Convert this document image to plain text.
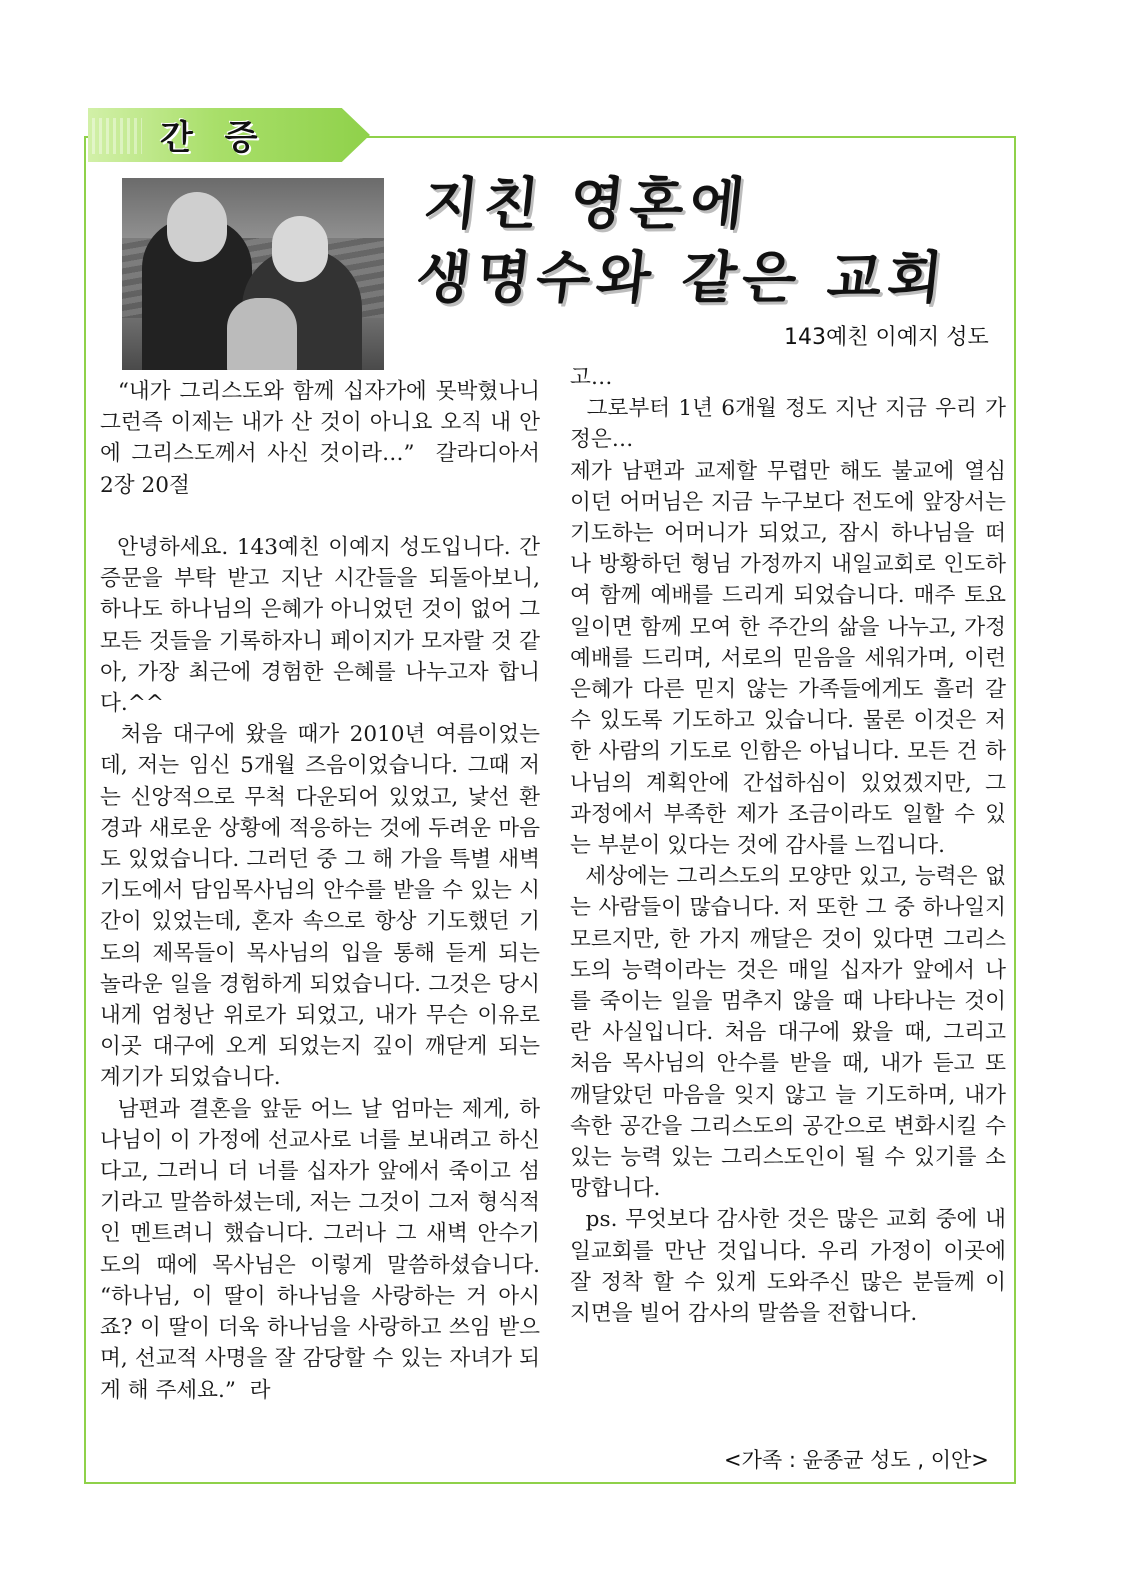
간 증
지친 영혼에
생명수와 같은 교회
143예친 이예지 성도
“내가 그리스도와 함께 십자가에 못박혔나니 그런즉 이제는 내가 산 것이 아니요 오직 내 안에 그리스도께서 사신 것이라…”  갈라디아서 2장 20절

안녕하세요. 143예친 이예지 성도입니다. 간증문을 부탁 받고 지난 시간들을 되돌아보니, 하나도 하나님의 은혜가 아니었던 것이 없어 그 모든 것들을 기록하자니 페이지가 모자랄 것 같아, 가장 최근에 경험한 은혜를 나누고자 합니다.^^
처음 대구에 왔을 때가 2010년 여름이었는데, 저는 임신 5개월 즈음이었습니다. 그때 저는 신앙적으로 무척 다운되어 있었고, 낯선 환경과 새로운 상황에 적응하는 것에 두려운 마음도 있었습니다. 그러던 중 그 해 가을 특별 새벽기도에서 담임목사님의 안수를 받을 수 있는 시간이 있었는데, 혼자 속으로 항상 기도했던 기도의 제목들이 목사님의 입을 통해 듣게 되는 놀라운 일을 경험하게 되었습니다. 그것은 당시 내게 엄청난 위로가 되었고, 내가 무슨 이유로 이곳 대구에 오게 되었는지 깊이 깨닫게 되는 계기가 되었습니다.
남편과 결혼을 앞둔 어느 날 엄마는 제게, 하나님이 이 가정에 선교사로 너를 보내려고 하신다고, 그러니 더 너를 십자가 앞에서 죽이고 섬기라고 말씀하셨는데, 저는 그것이 그저 형식적인 멘트려니 했습니다. 그러나 그 새벽 안수기도의 때에 목사님은 이렇게 말씀하셨습니다. “하나님, 이 딸이 하나님을 사랑하는 거 아시죠? 이 딸이 더욱 하나님을 사랑하고 쓰임 받으며, 선교적 사명을 잘 감당할 수 있는 자녀가 되게 해 주세요.”  라
고…
그로부터 1년 6개월 정도 지난 지금 우리 가정은…
제가 남편과 교제할 무렵만 해도 불교에 열심이던 어머님은 지금 누구보다 전도에 앞장서는 기도하는 어머니가 되었고, 잠시 하나님을 떠나 방황하던 형님 가정까지 내일교회로 인도하여 함께 예배를 드리게 되었습니다. 매주 토요일이면 함께 모여 한 주간의 삶을 나누고, 가정 예배를 드리며, 서로의 믿음을 세워가며, 이런 은혜가 다른 믿지 않는 가족들에게도 흘러 갈 수 있도록 기도하고 있습니다. 물론 이것은 저 한 사람의 기도로 인함은 아닙니다. 모든 건 하나님의 계획안에 간섭하심이 있었겠지만, 그 과정에서 부족한 제가 조금이라도 일할 수 있는 부분이 있다는 것에 감사를 느낍니다.
세상에는 그리스도의 모양만 있고, 능력은 없는 사람들이 많습니다. 저 또한 그 중 하나일지 모르지만, 한 가지 깨달은 것이 있다면 그리스도의 능력이라는 것은 매일 십자가 앞에서 나를 죽이는 일을 멈추지 않을 때 나타나는 것이란 사실입니다. 처음 대구에 왔을 때, 그리고 처음 목사님의 안수를 받을 때, 내가 듣고 또 깨달았던 마음을 잊지 않고 늘 기도하며, 내가 속한 공간을 그리스도의 공간으로 변화시킬 수 있는 능력 있는 그리스도인이 될 수 있기를 소망합니다.
ps. 무엇보다 감사한 것은 많은 교회 중에 내일교회를 만난 것입니다. 우리 가정이 이곳에 잘 정착 할 수 있게 도와주신 많은 분들께 이 지면을 빌어 감사의 말씀을 전합니다.
<가족 : 윤종균 성도 , 이안>
